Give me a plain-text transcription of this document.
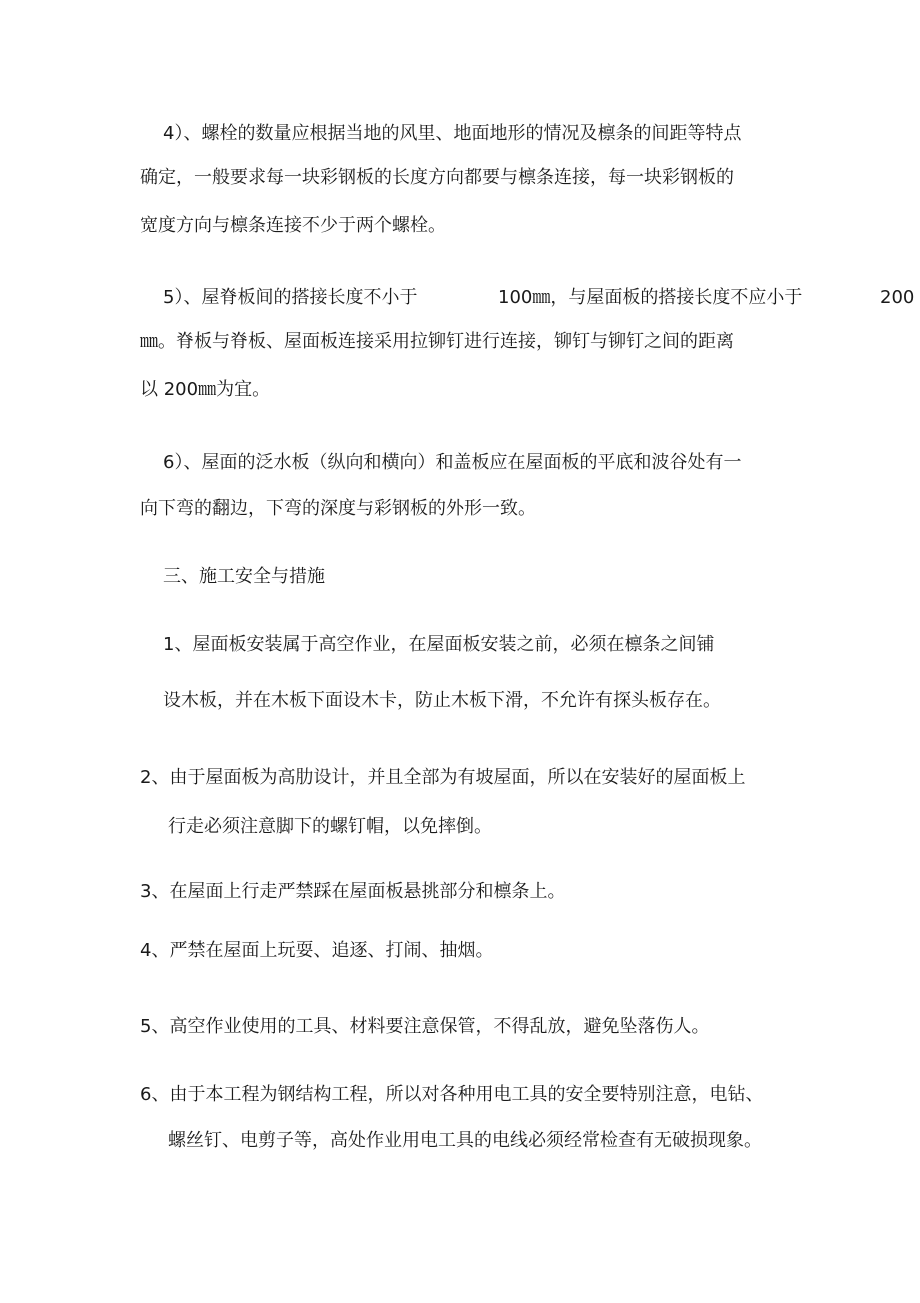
4）、螺栓的数量应根据当地的风里、地面地形的情况及檩条的间距等特点
确定，一般要求每一块彩钢板的长度方向都要与檩条连接，每一块彩钢板的
宽度方向与檩条连接不少于两个螺栓。
5）、屋脊板间的搭接长度不小于	100㎜，与屋面板的搭接长度不应小于	200
㎜。脊板与脊板、屋面板连接采用拉铆钉进行连接，铆钉与铆钉之间的距离
以 200㎜为宜。
6）、屋面的泛水板（纵向和横向）和盖板应在屋面板的平底和波谷处有一
向下弯的翻边，下弯的深度与彩钢板的外形一致。
三、施工安全与措施
1、屋面板安装属于高空作业，在屋面板安装之前，必须在檩条之间铺
设木板，并在木板下面设木卡，防止木板下滑，不允许有探头板存在。
2、由于屋面板为高肋设计，并且全部为有坡屋面，所以在安装好的屋面板上
行走必须注意脚下的螺钉帽，以免摔倒。
3、在屋面上行走严禁踩在屋面板悬挑部分和檩条上。
4、严禁在屋面上玩耍、追逐、打闹、抽烟。
5、高空作业使用的工具、材料要注意保管，不得乱放，避免坠落伤人。
6、由于本工程为钢结构工程，所以对各种用电工具的安全要特别注意，电钻、
螺丝钉、电剪子等，高处作业用电工具的电线必须经常检查有无破损现象。
